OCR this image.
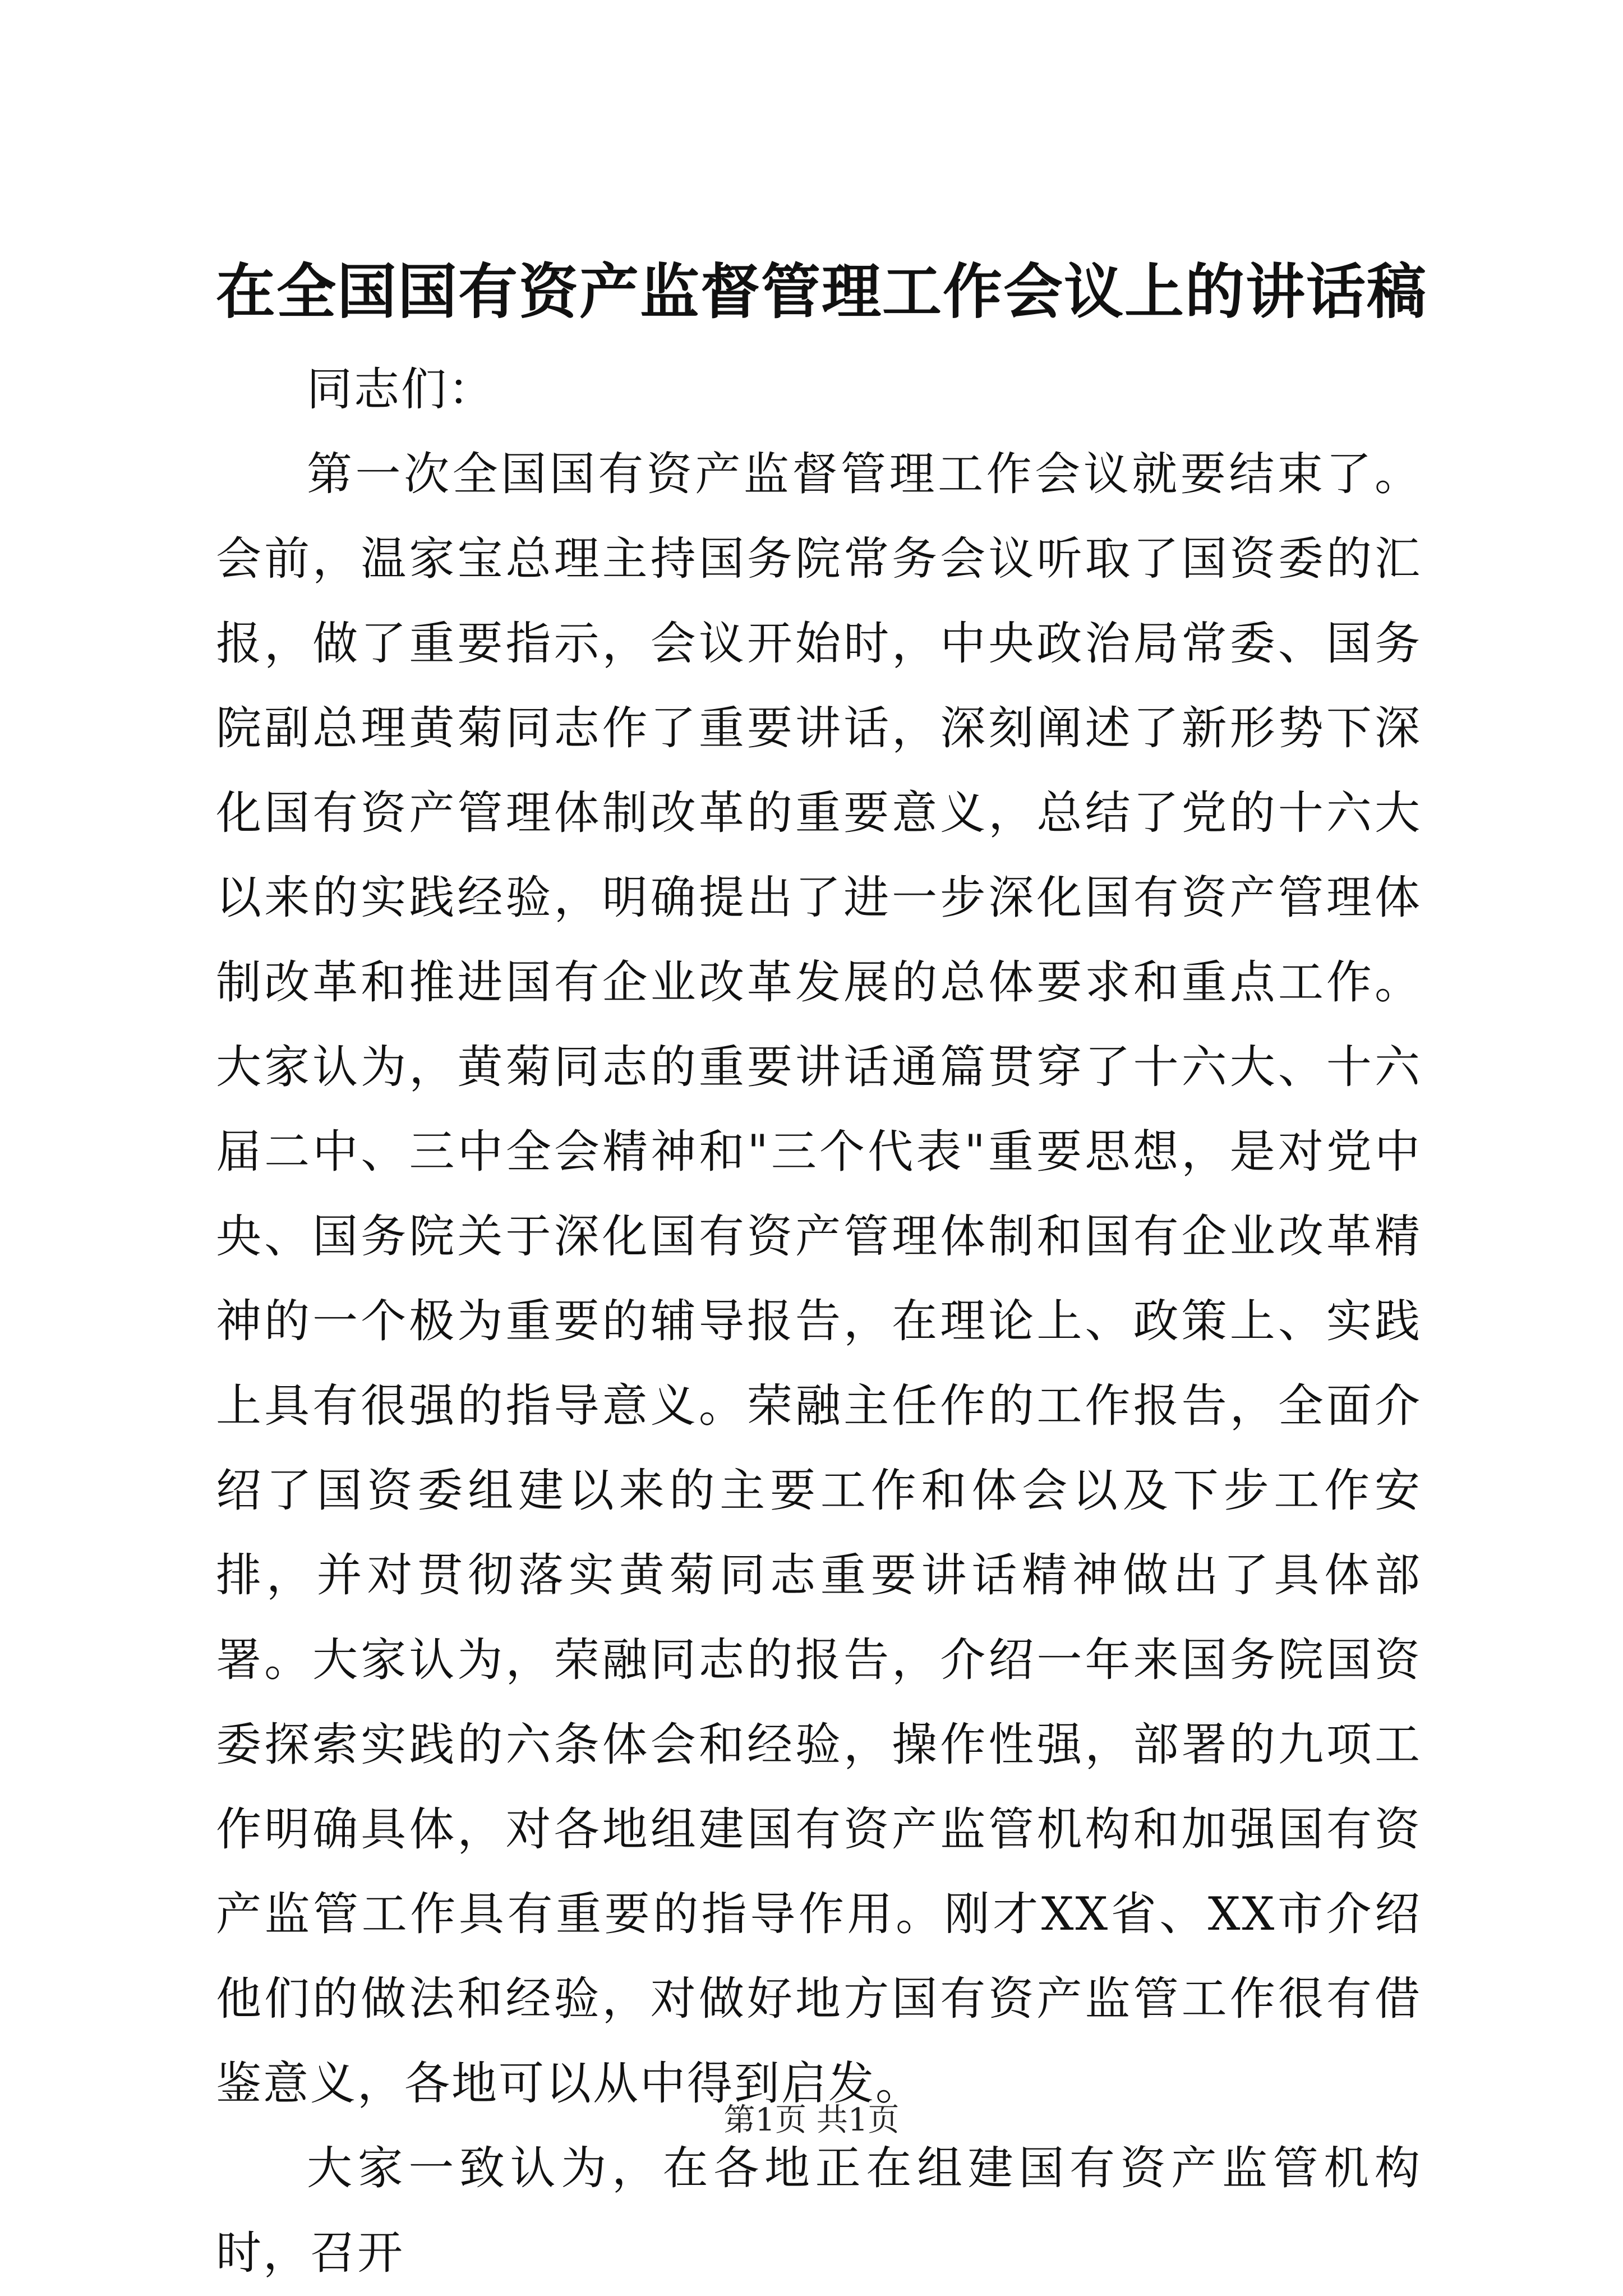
在全国国有资产监督管理工作会议上的讲话稿

同志们：

第一次全国国有资产监督管理工作会议就要结束了。会前，温家宝总理主持国务院常务会议听取了国资委的汇报，做了重要指示，会议开始时，中央政治局常委、国务院副总理黄菊同志作了重要讲话，深刻阐述了新形势下深化国有资产管理体制改革的重要意义，总结了党的十六大以来的实践经验，明确提出了进一步深化国有资产管理体制改革和推进国有企业改革发展的总体要求和重点工作。大家认为，黄菊同志的重要讲话通篇贯穿了十六大、十六届二中、三中全会精神和"三个代表"重要思想，是对党中央、国务院关于深化国有资产管理体制和国有企业改革精神的一个极为重要的辅导报告，在理论上、政策上、实践上具有很强的指导意义。荣融主任作的工作报告，全面介绍了国资委组建以来的主要工作和体会以及下步工作安排，并对贯彻落实黄菊同志重要讲话精神做出了具体部署。大家认为，荣融同志的报告，介绍一年来国务院国资委探索实践的六条体会和经验，操作性强，部署的九项工作明确具体，对各地组建国有资产监管机构和加强国有资产监管工作具有重要的指导作用。刚才XX省、XX市介绍他们的做法和经验，对做好地方国有资产监管工作很有借鉴意义，各地可以从中得到启发。

大家一致认为，在各地正在组建国有资产监管机构时，召开

第1页 共1页
